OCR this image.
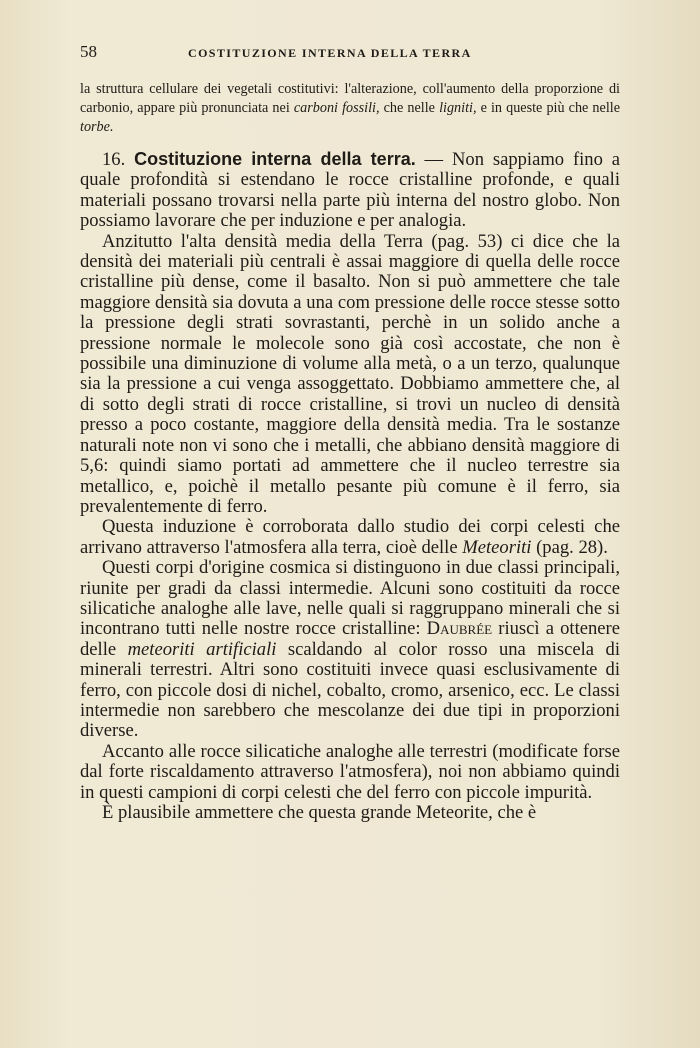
58	COSTITUZIONE INTERNA DELLA TERRA

la struttura cellulare dei vegetali costitutivi: l'alterazione, coll'aumento della proporzione di carbonio, appare più pronunciata nei carboni fossili, che nelle ligniti, e in queste più che nelle torbe.

16. Costituzione interna della terra. — Non sappiamo fino a quale profondità si estendano le rocce cristalline profonde, e quali materiali possano trovarsi nella parte più interna del nostro globo. Non possiamo lavorare che per induzione e per analogia.

Anzitutto l'alta densità media della Terra (pag. 53) ci dice che la densità dei materiali più centrali è assai maggiore di quella delle rocce cristalline più dense, come il basalto. Non si può ammettere che tale maggiore densità sia dovuta a una com pressione delle rocce stesse sotto la pressione degli strati sovrastanti, perchè in un solido anche a pressione normale le molecole sono già così accostate, che non è possibile una diminuzione di volume alla metà, o a un terzo, qualunque sia la pressione a cui venga assoggettato. Dobbiamo ammettere che, al di sotto degli strati di rocce cristalline, si trovi un nucleo di densità presso a poco costante, maggiore della densità media. Tra le sostanze naturali note non vi sono che i metalli, che abbiano densità maggiore di 5,6: quindi siamo portati ad ammettere che il nucleo terrestre sia metallico, e, poichè il metallo pesante più comune è il ferro, sia prevalentemente di ferro.

Questa induzione è corroborata dallo studio dei corpi celesti che arrivano attraverso l'atmosfera alla terra, cioè delle Meteoriti (pag. 28).

Questi corpi d'origine cosmica si distinguono in due classi principali, riunite per gradi da classi intermedie. Alcuni sono costituiti da rocce silicatiche analoghe alle lave, nelle quali si raggruppano minerali che si incontrano tutti nelle nostre rocce cristalline: Daubrée riuscì a ottenere delle meteoriti artificiali scaldando al color rosso una miscela di minerali terrestri. Altri sono costituiti invece quasi esclusivamente di ferro, con piccole dosi di nichel, cobalto, cromo, arsenico, ecc. Le classi intermedie non sarebbero che mescolanze dei due tipi in proporzioni diverse.

Accanto alle rocce silicatiche analoghe alle terrestri (modificate forse dal forte riscaldamento attraverso l'atmosfera), noi non abbiamo quindi in questi campioni di corpi celesti che del ferro con piccole impurità.

È plausibile ammettere che questa grande Meteorite, che è
